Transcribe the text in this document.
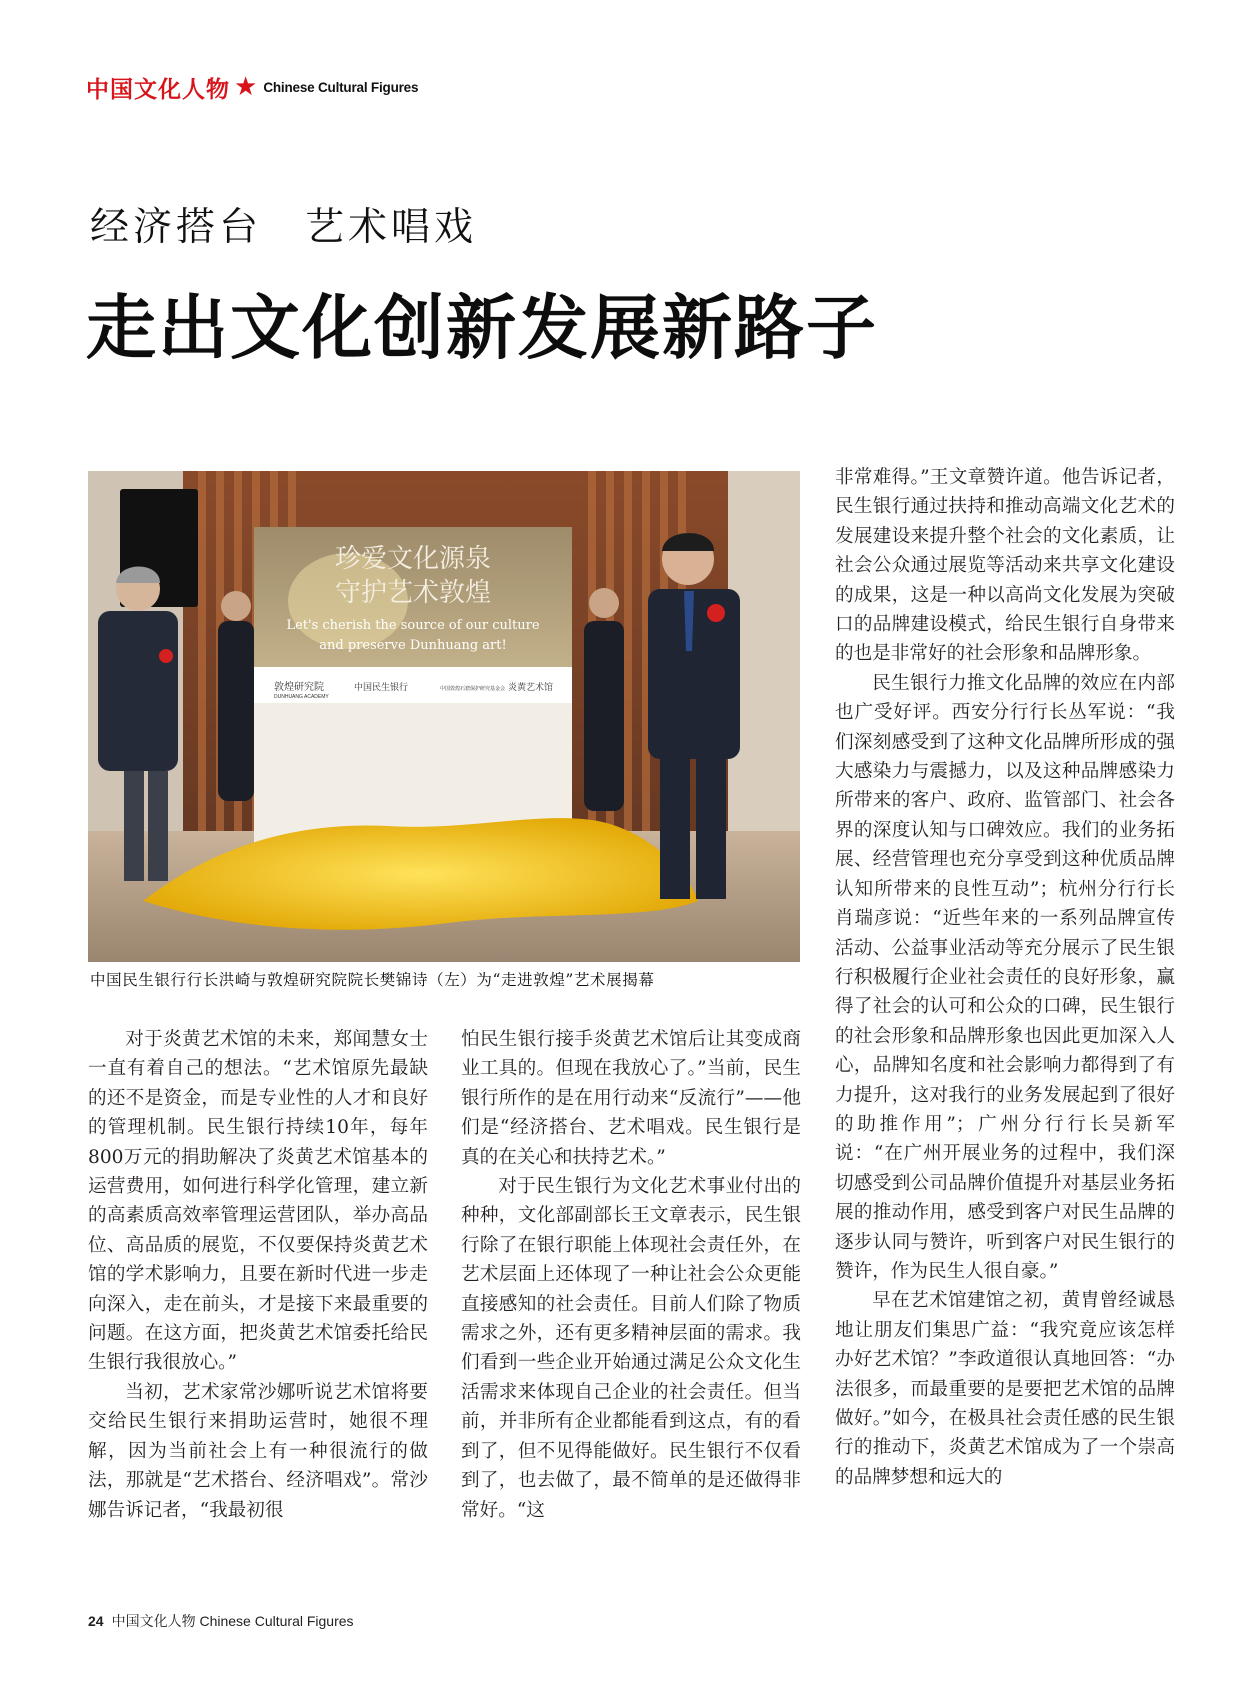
中国文化人物 ★ Chinese Cultural Figures
经济搭台　艺术唱戏
走出文化创新发展新路子
珍爱文化源泉
守护艺术敦煌
Let's cherish the source of our culture
and preserve Dunhuang art!
敦煌研究院
DUNHUANG ACADEMY
中国民生银行	中国敦煌石窟保护研究基金会 炎黄艺术馆
中国民生银行行长洪崎与敦煌研究院院长樊锦诗（左）为“走进敦煌”艺术展揭幕

对于炎黄艺术馆的未来，郑闻慧女士一直有着自己的想法。“艺术馆原先最缺的还不是资金，而是专业性的人才和良好的管理机制。民生银行持续10年，每年800万元的捐助解决了炎黄艺术馆基本的运营费用，如何进行科学化管理，建立新的高素质高效率管理运营团队，举办高品位、高品质的展览，不仅要保持炎黄艺术馆的学术影响力，且要在新时代进一步走向深入，走在前头，才是接下来最重要的问题。在这方面，把炎黄艺术馆委托给民生银行我很放心。”

当初，艺术家常沙娜听说艺术馆将要交给民生银行来捐助运营时，她很不理解，因为当前社会上有一种很流行的做法，那就是“艺术搭台、经济唱戏”。常沙娜告诉记者，“我最初很

怕民生银行接手炎黄艺术馆后让其变成商业工具的。但现在我放心了。”当前，民生银行所作的是在用行动来“反流行”——他们是“经济搭台、艺术唱戏。民生银行是真的在关心和扶持艺术。”

对于民生银行为文化艺术事业付出的种种，文化部副部长王文章表示，民生银行除了在银行职能上体现社会责任外，在艺术层面上还体现了一种让社会公众更能直接感知的社会责任。目前人们除了物质需求之外，还有更多精神层面的需求。我们看到一些企业开始通过满足公众文化生活需求来体现自己企业的社会责任。但当前，并非所有企业都能看到这点，有的看到了，但不见得能做好。民生银行不仅看到了，也去做了，最不简单的是还做得非常好。“这

非常难得。”王文章赞许道。他告诉记者，民生银行通过扶持和推动高端文化艺术的发展建设来提升整个社会的文化素质，让社会公众通过展览等活动来共享文化建设的成果，这是一种以高尚文化发展为突破口的品牌建设模式，给民生银行自身带来的也是非常好的社会形象和品牌形象。

民生银行力推文化品牌的效应在内部也广受好评。西安分行行长丛军说：“我们深刻感受到了这种文化品牌所形成的强大感染力与震撼力，以及这种品牌感染力所带来的客户、政府、监管部门、社会各界的深度认知与口碑效应。我们的业务拓展、经营管理也充分享受到这种优质品牌认知所带来的良性互动”；杭州分行行长肖瑞彦说：“近些年来的一系列品牌宣传活动、公益事业活动等充分展示了民生银行积极履行企业社会责任的良好形象，赢得了社会的认可和公众的口碑，民生银行的社会形象和品牌形象也因此更加深入人心，品牌知名度和社会影响力都得到了有力提升，这对我行的业务发展起到了很好的助推作用”；广州分行行长吴新军说：“在广州开展业务的过程中，我们深切感受到公司品牌价值提升对基层业务拓展的推动作用，感受到客户对民生品牌的逐步认同与赞许，听到客户对民生银行的赞许，作为民生人很自豪。”

早在艺术馆建馆之初，黄胄曾经诚恳地让朋友们集思广益：“我究竟应该怎样办好艺术馆？”李政道很认真地回答：“办法很多，而最重要的是要把艺术馆的品牌做好。”如今，在极具社会责任感的民生银行的推动下，炎黄艺术馆成为了一个崇高的品牌梦想和远大的

24 中国文化人物 Chinese Cultural Figures
